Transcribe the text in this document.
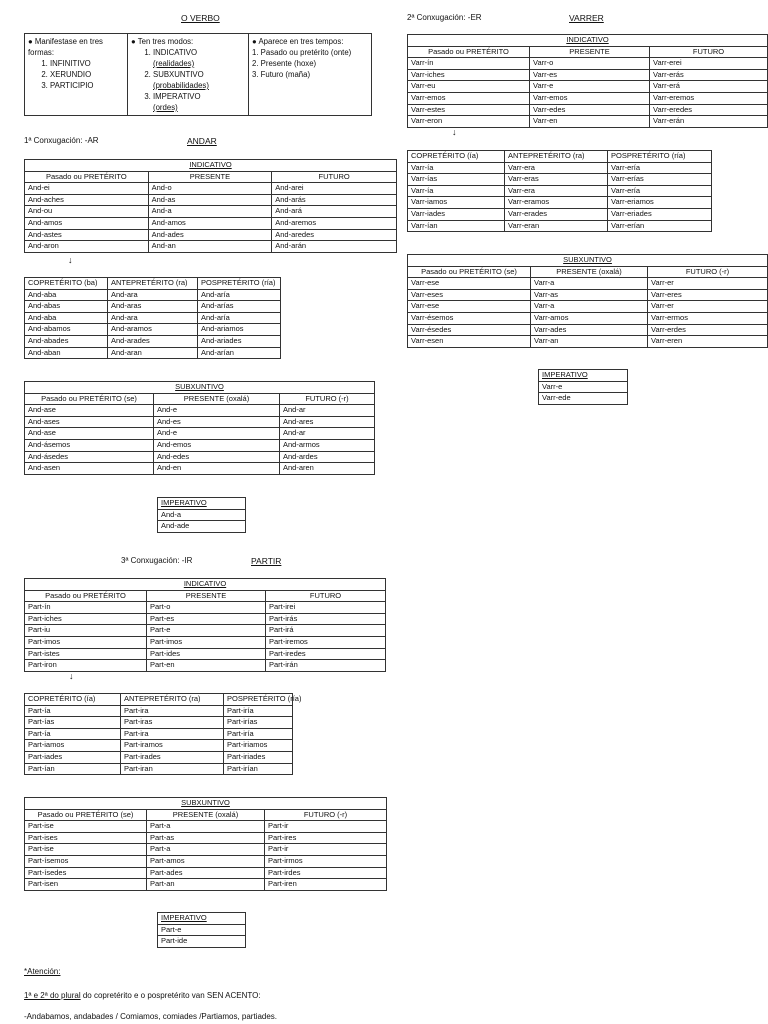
O VERBO
● Manifestase en tres formas:
1. INFINITIVO
2. XERUNDIO
3. PARTICIPIO

● Ten tres modos:
1. INDICATIVO
(realidades)
2. SUBXUNTIVO
(probabilidades)
3. IMPERATIVO
(ordes)

● Aparece en tres tempos:
1. Pasado ou pretérito (onte)
2. Presente (hoxe)
3. Futuro (maña)
1ª Conxugación: -AR	ANDAR
2ª Conxugación: -ER	VARRER
3ª Conxugación: -IR	PARTIR
INDICATIVO		
Pasado ou PRETÉRITO	PRESENTE	FUTURO
And-ei	And-o	And-arei
And-aches	And-as	And-arás
And-ou	And-a	And-ará
And-amos	And-amos	And-aremos
And-astes	And-ades	And-aredes
And-aron	And-an	And-arán
↓
COPRETÉRITO (ba)	ANTEPRETÉRITO (ra)	POSPRETÉRITO (ría)
And-aba	And-ara	And-aría
And-abas	And-aras	And-arías
And-aba	And-ara	And-aría
And-abamos	And-aramos	And-ariamos
And-abades	And-arades	And-ariades
And-aban	And-aran	And-arían
SUBXUNTIVO		
Pasado ou PRETÉRITO (se)	PRESENTE (oxalá)	FUTURO (-r)
And-ase	And-e	And-ar
And-ases	And-es	And-ares
And-ase	And-e	And-ar
And-ásemos	And-emos	And-armos
And-ásedes	And-edes	And-ardes
And-asen	And-en	And-aren
IMPERATIVO
And-a
And-ade
INDICATIVO		
Pasado ou PRETÉRITO	PRESENTE	FUTURO
Varr-ín	Varr-o	Varr-erei
Varr-iches	Varr-es	Varr-erás
Varr-eu	Varr-e	Varr-erá
Varr-emos	Varr-emos	Varr-eremos
Varr-estes	Varr-edes	Varr-eredes
Varr-eron	Varr-en	Varr-erán
↓
COPRETÉRITO (ía)	ANTEPRETÉRITO (ra)	POSPRETÉRITO (ría)
Varr-ía	Varr-era	Varr-ería
Varr-ías	Varr-eras	Varr-erías
Varr-ía	Varr-era	Varr-ería
Varr-iamos	Varr-eramos	Varr-eriamos
Varr-iades	Varr-erades	Varr-eriades
Varr-ían	Varr-eran	Varr-erían
SUBXUNTIVO		
Pasado ou PRETÉRITO (se)	PRESENTE (oxalá)	FUTURO (-r)
Varr-ese	Varr-a	Varr-er
Varr-eses	Varr-as	Varr-eres
Varr-ese	Varr-a	Varr-er
Varr-ésemos	Varr-amos	Varr-ermos
Varr-ésedes	Varr-ades	Varr-erdes
Varr-esen	Varr-an	Varr-eren
IMPERATIVO
Varr-e
Varr-ede
INDICATIVO		
Pasado ou PRETÉRITO	PRESENTE	FUTURO
Part-ín	Part-o	Part-irei
Part-iches	Part-es	Part-irás
Part-iu	Part-e	Part-irá
Part-imos	Part-imos	Part-iremos
Part-istes	Part-ides	Part-iredes
Part-iron	Part-en	Part-irán
↓
COPRETÉRITO (ía)	ANTEPRETÉRITO (ra)	POSPRETÉRITO (ría)
Part-ía	Part-ira	Part-iría
Part-ías	Part-iras	Part-irías
Part-ía	Part-ira	Part-iría
Part-iamos	Part-iramos	Part-iriamos
Part-iades	Part-irades	Part-iriades
Part-ían	Part-iran	Part-irían
SUBXUNTIVO		
Pasado ou PRETÉRITO (se)	PRESENTE (oxalá)	FUTURO (-r)
Part-ise	Part-a	Part-ir
Part-ises	Part-as	Part-ires
Part-ise	Part-a	Part-ir
Part-ísemos	Part-amos	Part-irmos
Part-ísedes	Part-ades	Part-irdes
Part-isen	Part-an	Part-iren
IMPERATIVO
Part-e
Part-ide
*Atención:
1ª e 2ª do plural do copretérito e o pospretérito van SEN ACENTO:
-Andabamos, andabades / Comiamos, comiades /Partiamos, partiades.
